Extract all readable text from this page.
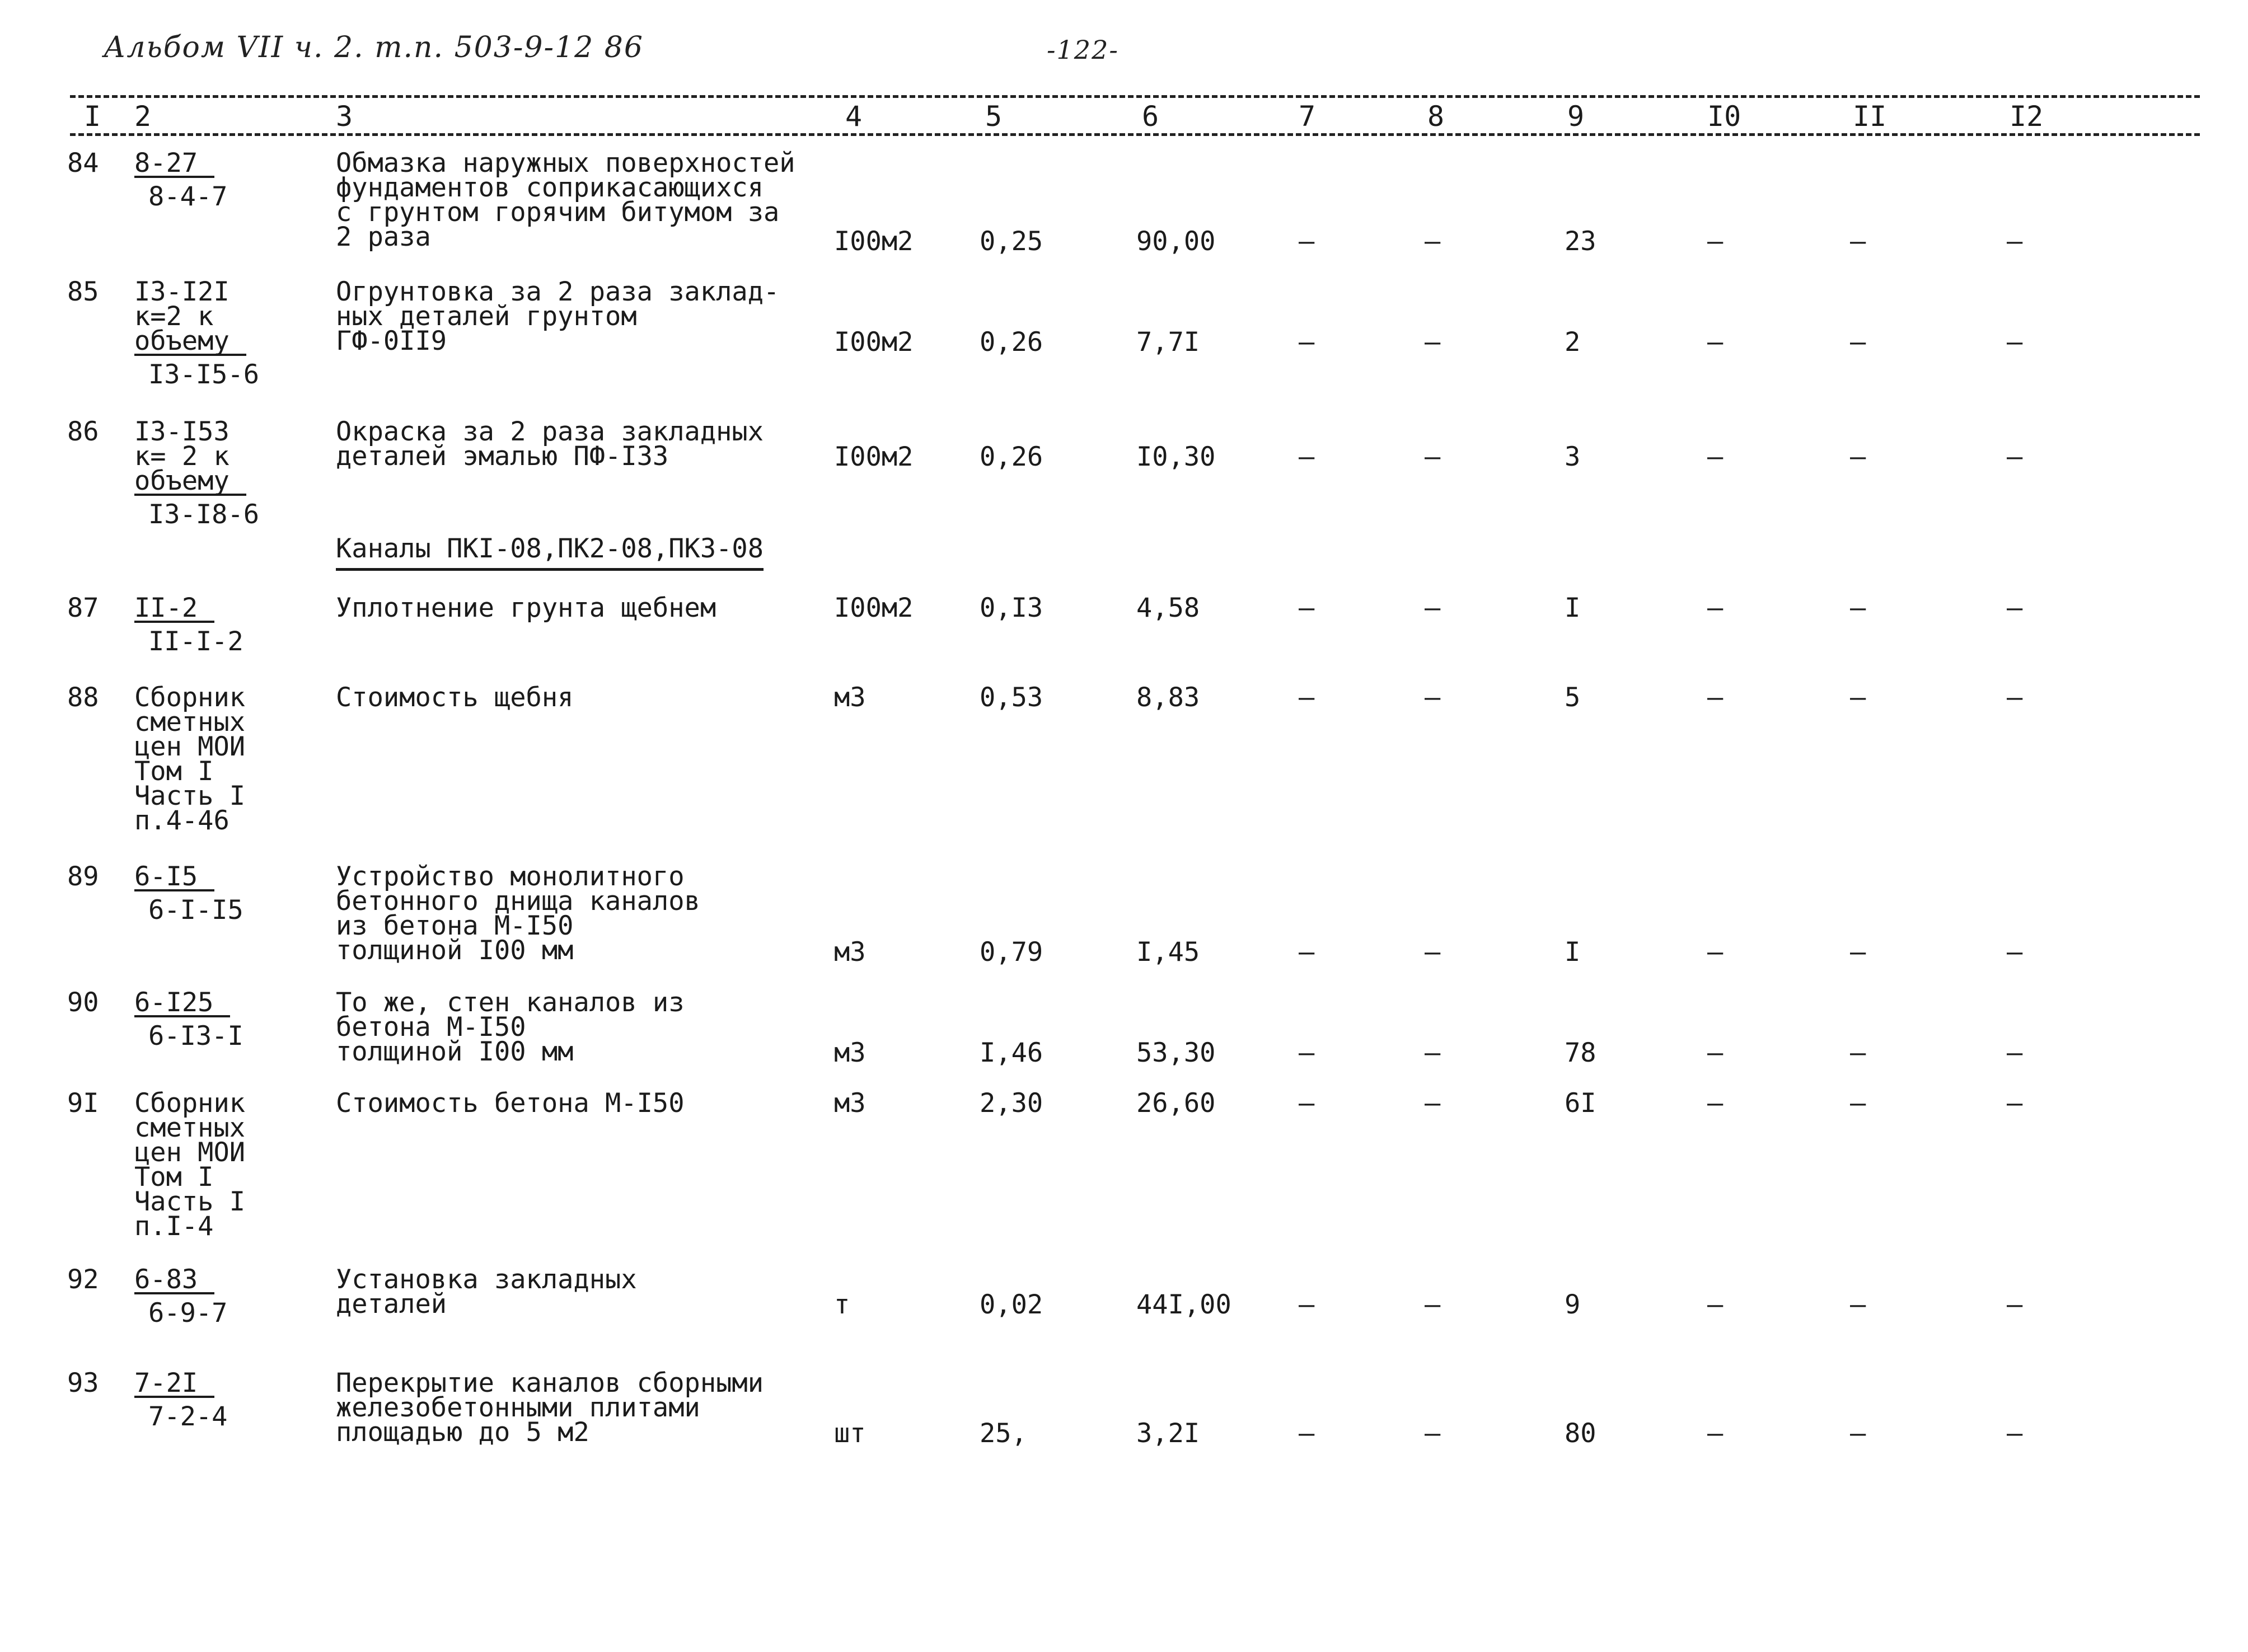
Альбом VII ч. 2. т.п. 503-9-12 86	-122-
I 2	3	4	5	6	7	8	9	I0	II	I2
Каналы ПКI-08,ПК2-08,ПК3-08
84 8-27
8-4-7
Обмазка наружных поверхностей
фундаментов соприкасающихся
с грунтом горячим битумом за
2 раза	I00м2	0,25	90,00	–	–	23	–	–	–
85 I3-I2I
к=2 к
объему
I3-I5-6
Огрунтовка за 2 раза заклад-
ных деталей грунтом
ГФ-0II9	I00м2	0,26	7,7I	–	–	2	–	–	–
86 I3-I53
к= 2 к
объему
I3-I8-6
Окраска за 2 раза закладных
деталей эмалью ПФ-I33	I00м2	0,26	I0,30	–	–	3	–	–	–
87 II-2
II-I-2
Уплотнение грунта щебнем	I00м2	0,I3	4,58	–	–	I	–	–	–
88 Сборник
сметных
цен МОИ
Том I
Часть I
п.4-46
Стоимость щебня	м3	0,53	8,83	–	–	5	–	–	–
89 6-I5
6-I-I5
Устройство монолитного
бетонного днища каналов
из бетона М-I50
толщиной I00 мм	м3	0,79	I,45	–	–	I	–	–	–
90 6-I25
6-I3-I
То же, стен каналов из
бетона М-I50
толщиной I00 мм	м3	I,46	53,30	–	–	78	–	–	–
9I Сборник
сметных
цен МОИ
Том I
Часть I
п.I-4
Стоимость бетона М-I50	м3	2,30	26,60	–	–	6I	–	–	–
92 6-83
6-9-7
Установка закладных
деталей	т	0,02	44I,00	–	–	9	–	–	–
93 7-2I
7-2-4
Перекрытие каналов сборными
железобетонными плитами
площадью до 5 м2	шт	25,	3,2I	–	–	80	–	–	–
